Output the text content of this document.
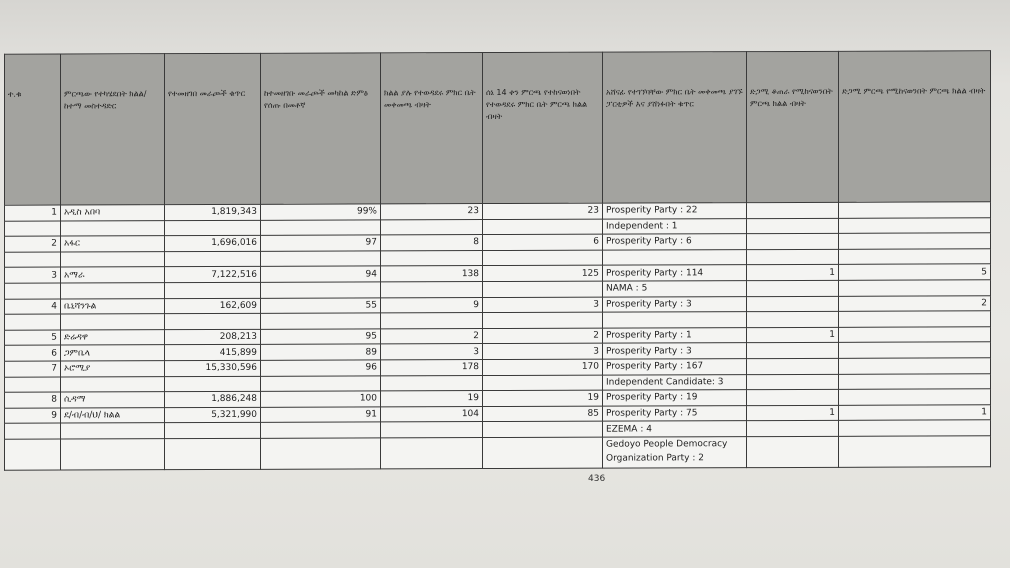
ተ.ቁ	ምርጫው የተካሄደበት ክልል/ከተማ መስተዳድር	የተመዘገበ መራጮች ቁጥር	ከተመዘገቡ መራጮች መካከል ድምፅ የሰጡ በመቶኛ	ክልል ያሉ የተወዳደሩ ምክር ቤት መቀመጫ ብዛት	ሰኔ 14 ቀን ምርጫ የተከናወነበት የተወዳደሩ ምክር ቤት ምርጫ ክልል ብዛት	አሸናፊ የተገኘባቸው ምክር ቤት መቀመጫ ያገኙ ፓርቲዎች እና ያሸነፉበት ቁጥር	ድጋሚ ቆጠራ የሚከናወንበት ምርጫ ክልል ብዛት	ድጋሚ ምርጫ የሚከናወንበት ምርጫ ክልል ብዛት
1	አዲስ አበባ	1,819,343	99%	23	23	Prosperity Party : 22		
						Independent : 1		
2	አፋር	1,696,016	97	8	6	Prosperity Party : 6		

3	አማራ	7,122,516	94	138	125	Prosperity Party : 114	1	5
						NAMA : 5		
4	ቤኒሻንጉል	162,609	55	9	3	Prosperity Party : 3		2

5	ድሬዳዋ	208,213	95	2	2	Prosperity Party : 1	1	
6	ጋምቤላ	415,899	89	3	3	Prosperity Party : 3		
7	ኦሮሚያ	15,330,596	96	178	170	Prosperity Party : 167		
						Independent Candidate: 3		
8	ሲዳማ	1,886,248	100	19	19	Prosperity Party : 19		
9	ደ/ብ/ብ/ህ/ ክልል	5,321,990	91	104	85	Prosperity Party : 75	1	1
						EZEMA : 4		
						Gedoyo People Democracy Organization Party : 2		
436
